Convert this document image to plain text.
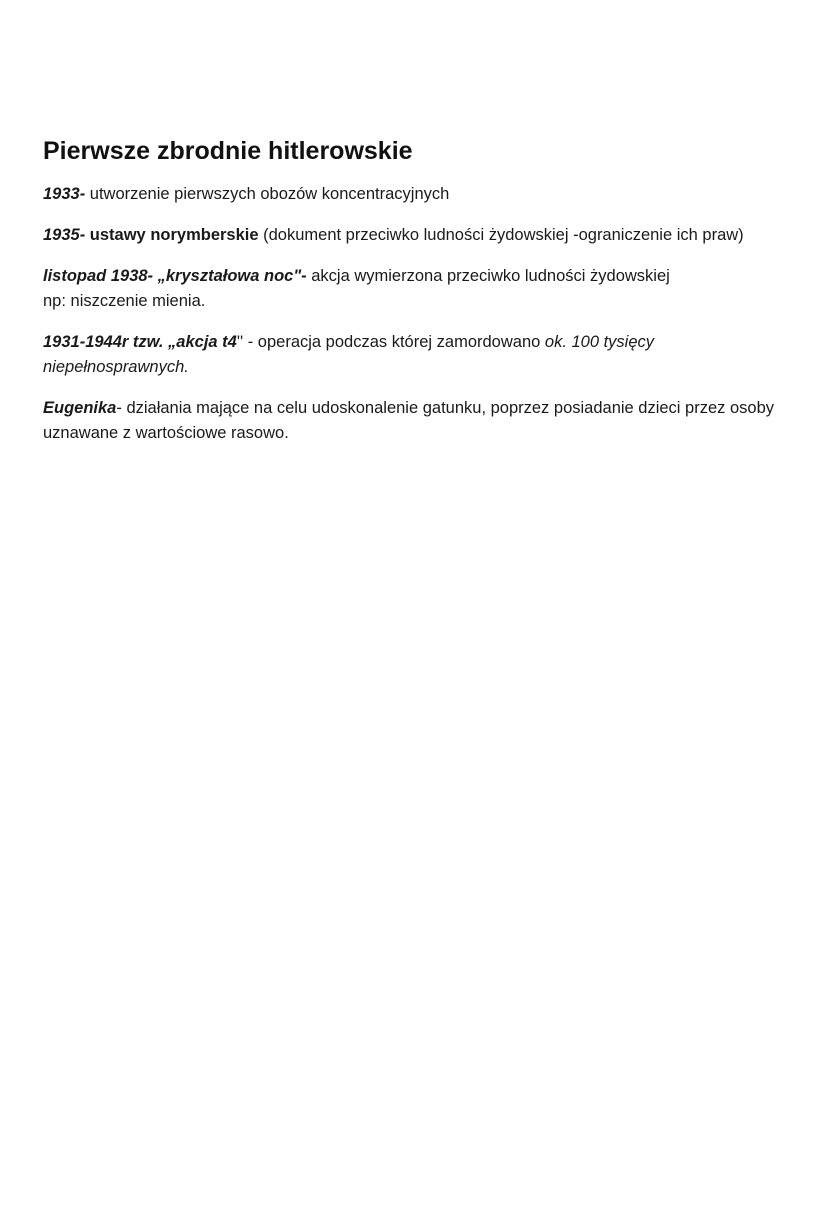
Pierwsze zbrodnie hitlerowskie

1933- utworzenie pierwszych obozów koncentracyjnych

1935- ustawy norymberskie (dokument przeciwko ludności żydowskiej -ograniczenie ich praw)

listopad 1938- „kryształowa noc"- akcja wymierzona przeciwko ludności żydowskiej
np: niszczenie mienia.

1931-1944r tzw. „akcja t4'' - operacja podczas której zamordowano ok. 100 tysięcy niepełnosprawnych.

Eugenika- działania mające na celu udoskonalenie gatunku, poprzez posiadanie dzieci przez osoby uznawane z wartościowe rasowo.
